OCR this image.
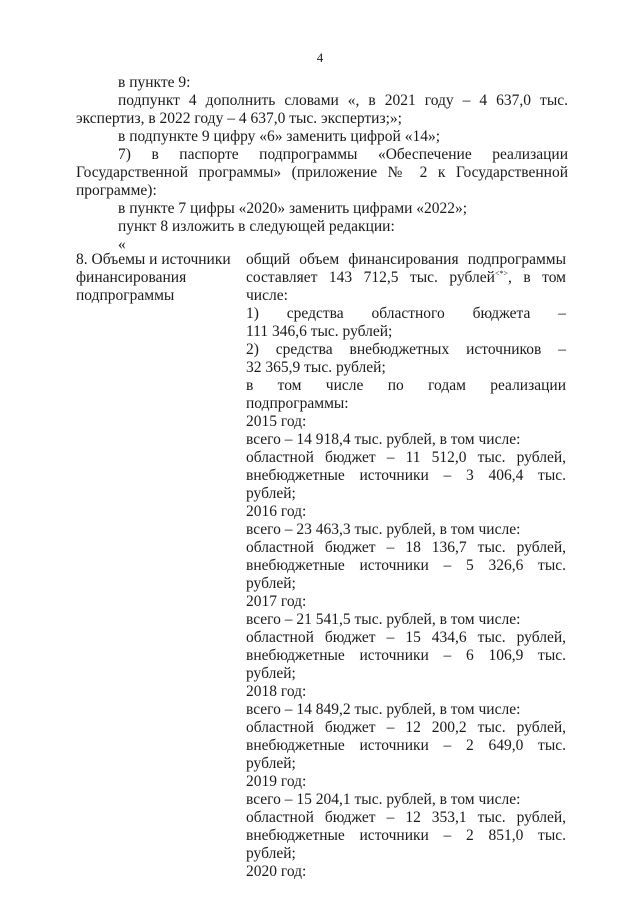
4

в пункте 9:

подпункт 4 дополнить словами «, в 2021 году – 4 637,0 тыс. экспертиз, в 2022 году – 4 637,0 тыс. экспертиз;»;

в подпункте 9 цифру «6» заменить цифрой «14»;

7) в паспорте подпрограммы «Обеспечение реализации Государственной программы» (приложение № 2 к Государственной программе):

в пункте 7 цифры «2020» заменить цифрами «2022»;

пункт 8 изложить в следующей редакции:

«

8. Объемы и источники
финансирования
подпрограммы
общий объем финансирования подпрограммы
составляет 143 712,5 тыс. рублей<*>, в том
числе:
1) средства областного бюджета –
111 346,6 тыс. рублей;
2) средства внебюджетных источников –
32 365,9 тыс. рублей;
в том числе по годам реализации
подпрограммы:
2015 год:
всего – 14 918,4 тыс. рублей, в том числе:
областной бюджет – 11 512,0 тыс. рублей,
внебюджетные источники – 3 406,4 тыс.
рублей;
2016 год:
всего – 23 463,3 тыс. рублей, в том числе:
областной бюджет – 18 136,7 тыс. рублей,
внебюджетные источники – 5 326,6 тыс.
рублей;
2017 год:
всего – 21 541,5 тыс. рублей, в том числе:
областной бюджет – 15 434,6 тыс. рублей,
внебюджетные источники – 6 106,9 тыс.
рублей;
2018 год:
всего – 14 849,2 тыс. рублей, в том числе:
областной бюджет – 12 200,2 тыс. рублей,
внебюджетные источники – 2 649,0 тыс.
рублей;
2019 год:
всего – 15 204,1 тыс. рублей, в том числе:
областной бюджет – 12 353,1 тыс. рублей,
внебюджетные источники – 2 851,0 тыс.
рублей;
2020 год:
